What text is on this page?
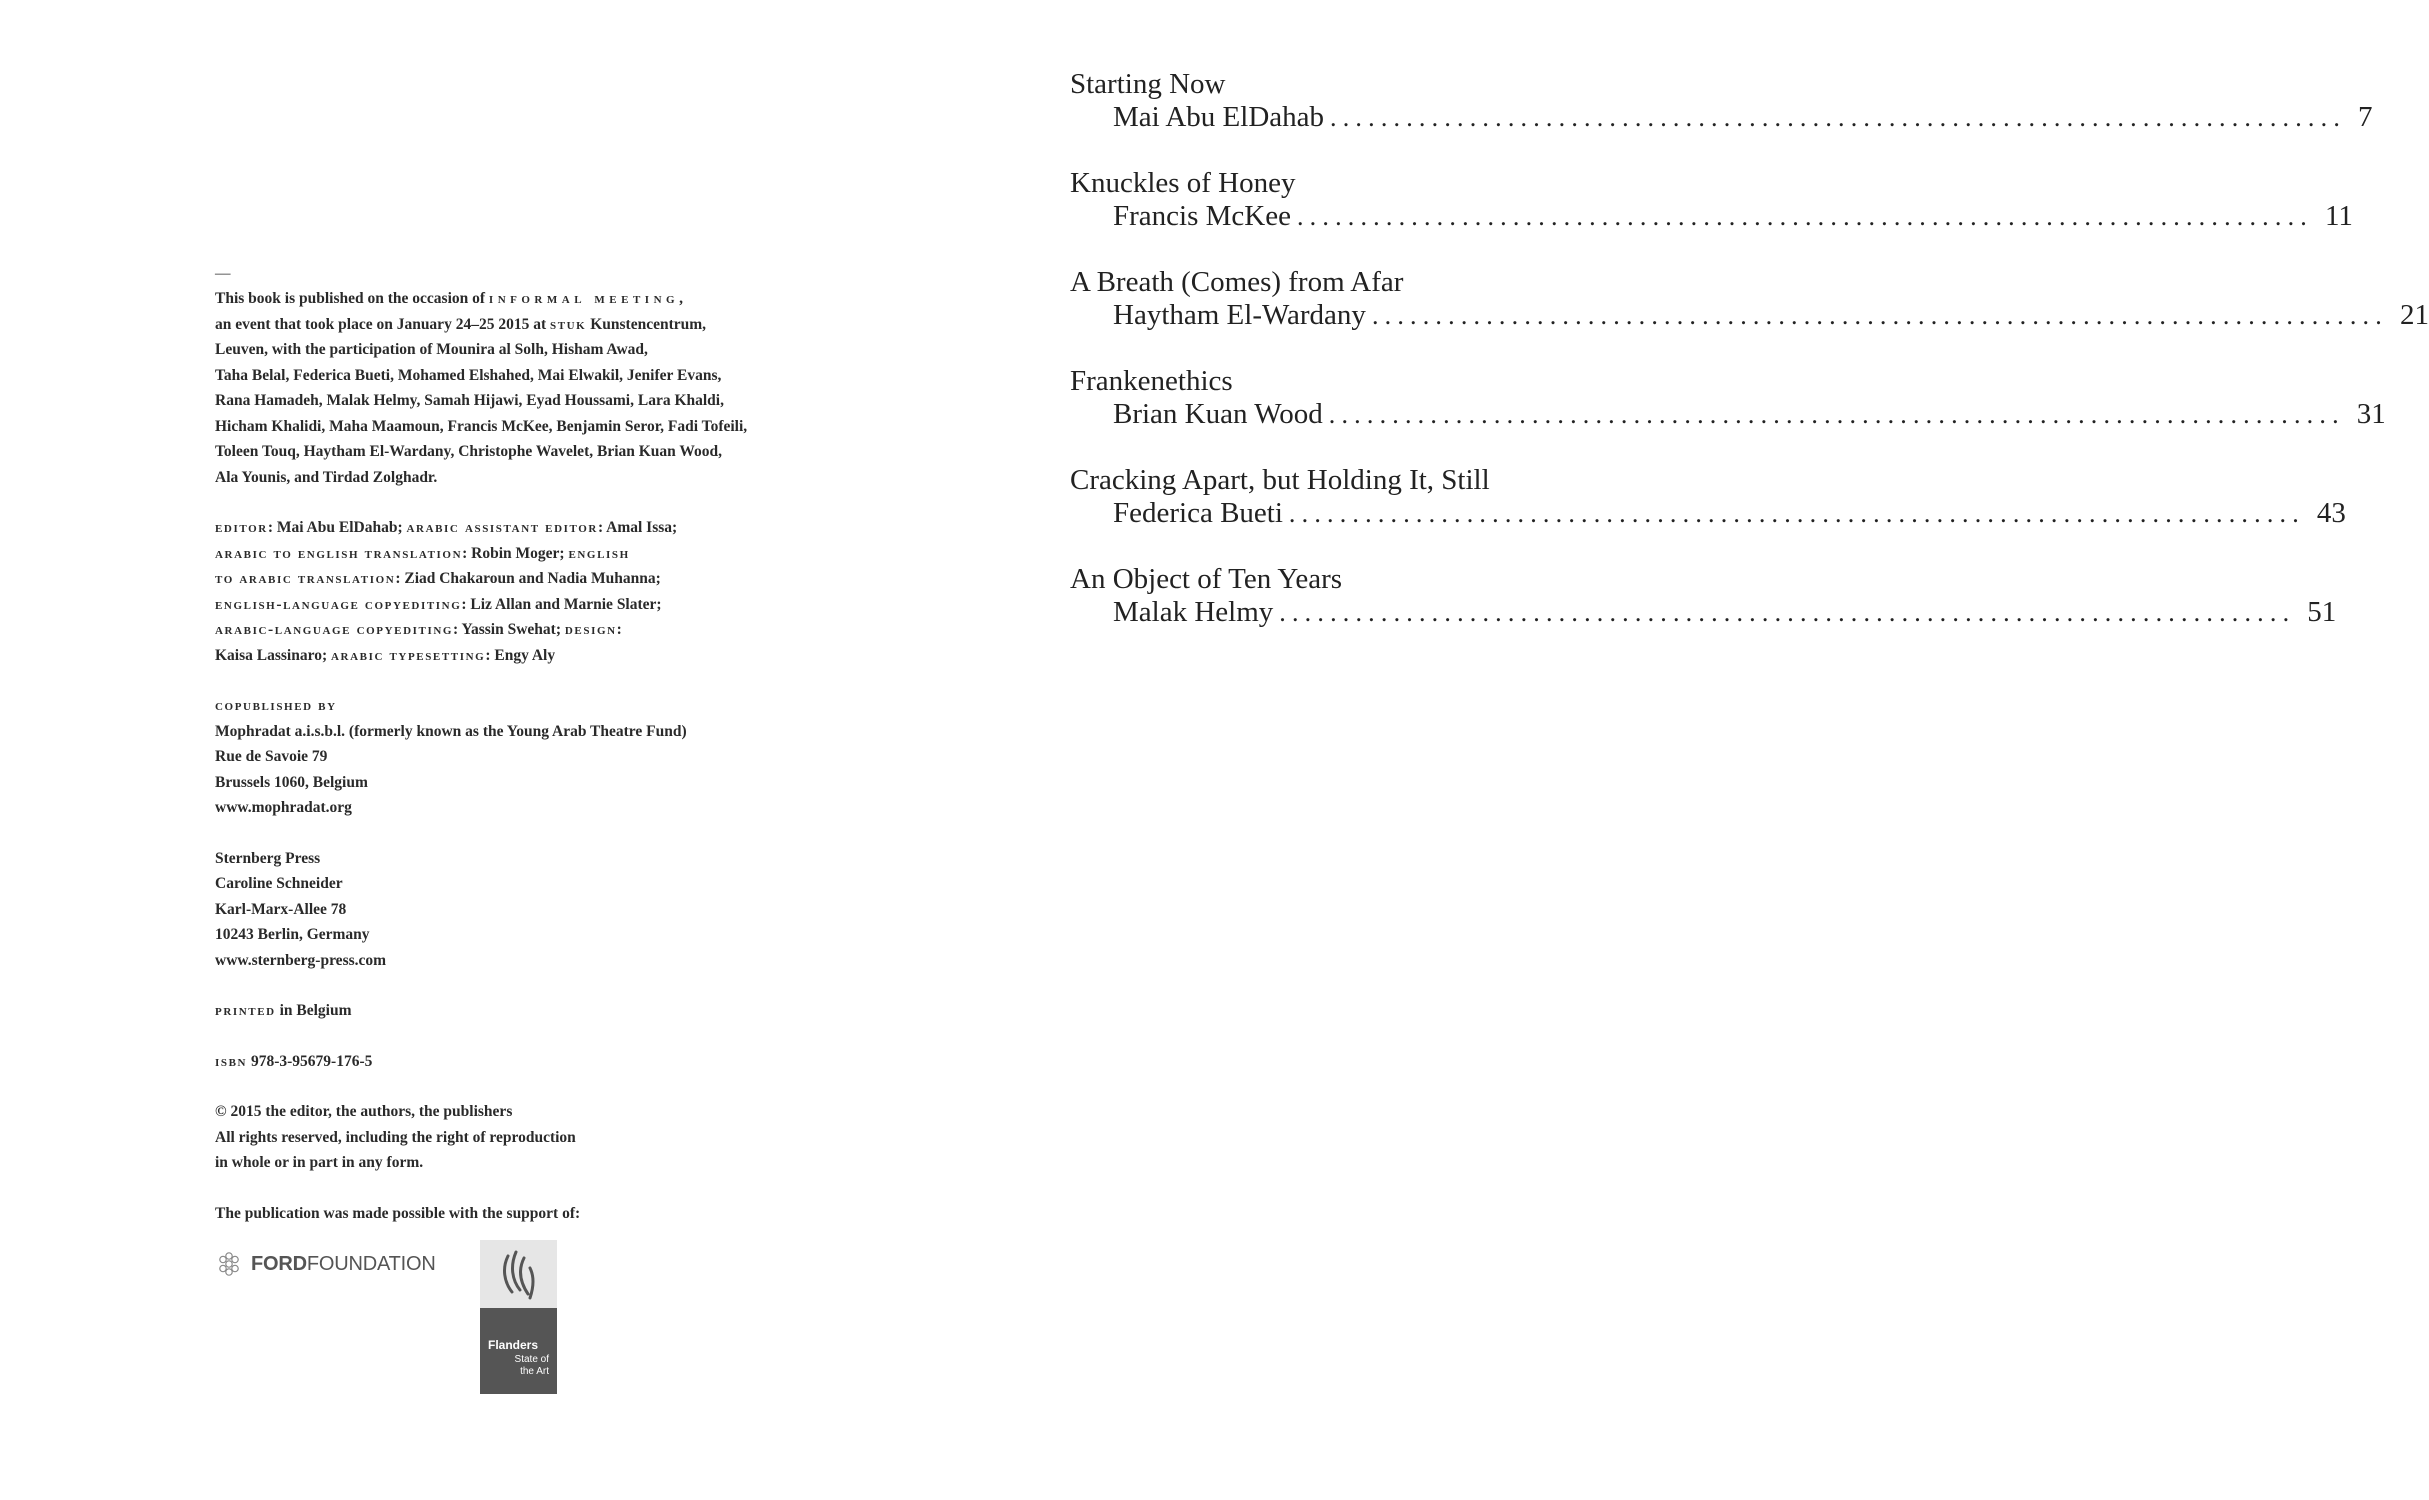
—

This book is published on the occasion of informal meeting,

an event that took place on January 24–25 2015 at stuk Kunstencentrum,

Leuven, with the participation of Mounira al Solh, Hisham Awad,

Taha Belal, Federica Bueti, Mohamed Elshahed, Mai Elwakil, Jenifer Evans,

Rana Hamadeh, Malak Helmy, Samah Hijawi, Eyad Houssami, Lara Khaldi,

Hicham Khalidi, Maha Maamoun, Francis McKee, Benjamin Seror, Fadi Tofeili,

Toleen Touq, Haytham El-Wardany, Christophe Wavelet, Brian Kuan Wood,

Ala Younis, and Tirdad Zolghadr.

editor: Mai Abu ElDahab; arabic assistant editor: Amal Issa;

arabic to english translation: Robin Moger; english

to arabic translation: Ziad Chakaroun and Nadia Muhanna;

english-language copyediting: Liz Allan and Marnie Slater;

arabic-language copyediting: Yassin Swehat; design:

Kaisa Lassinaro; arabic typesetting: Engy Aly

copublished by

Mophradat a.i.s.b.l. (formerly known as the Young Arab Theatre Fund)

Rue de Savoie 79

Brussels 1060, Belgium

www.mophradat.org

Sternberg Press

Caroline Schneider

Karl-Marx-Allee 78

10243 Berlin, Germany

www.sternberg-press.com

printed in Belgium

isbn 978-3-95679-176-5

© 2015 the editor, the authors, the publishers

All rights reserved, including the right of reproduction

in whole or in part in any form.

The publication was made possible with the support of:

FORDFOUNDATION
Flanders
State of
the Art
Starting Now
Mai Abu ElDahab ................................................................................ 7
Knuckles of Honey
Francis McKee ................................................................................ 11
A Breath (Comes) from Afar
Haytham El-Wardany ................................................................................ 21
Frankenethics
Brian Kuan Wood ................................................................................ 31
Cracking Apart, but Holding It, Still
Federica Bueti ................................................................................ 43
An Object of Ten Years
Malak Helmy ................................................................................ 51
